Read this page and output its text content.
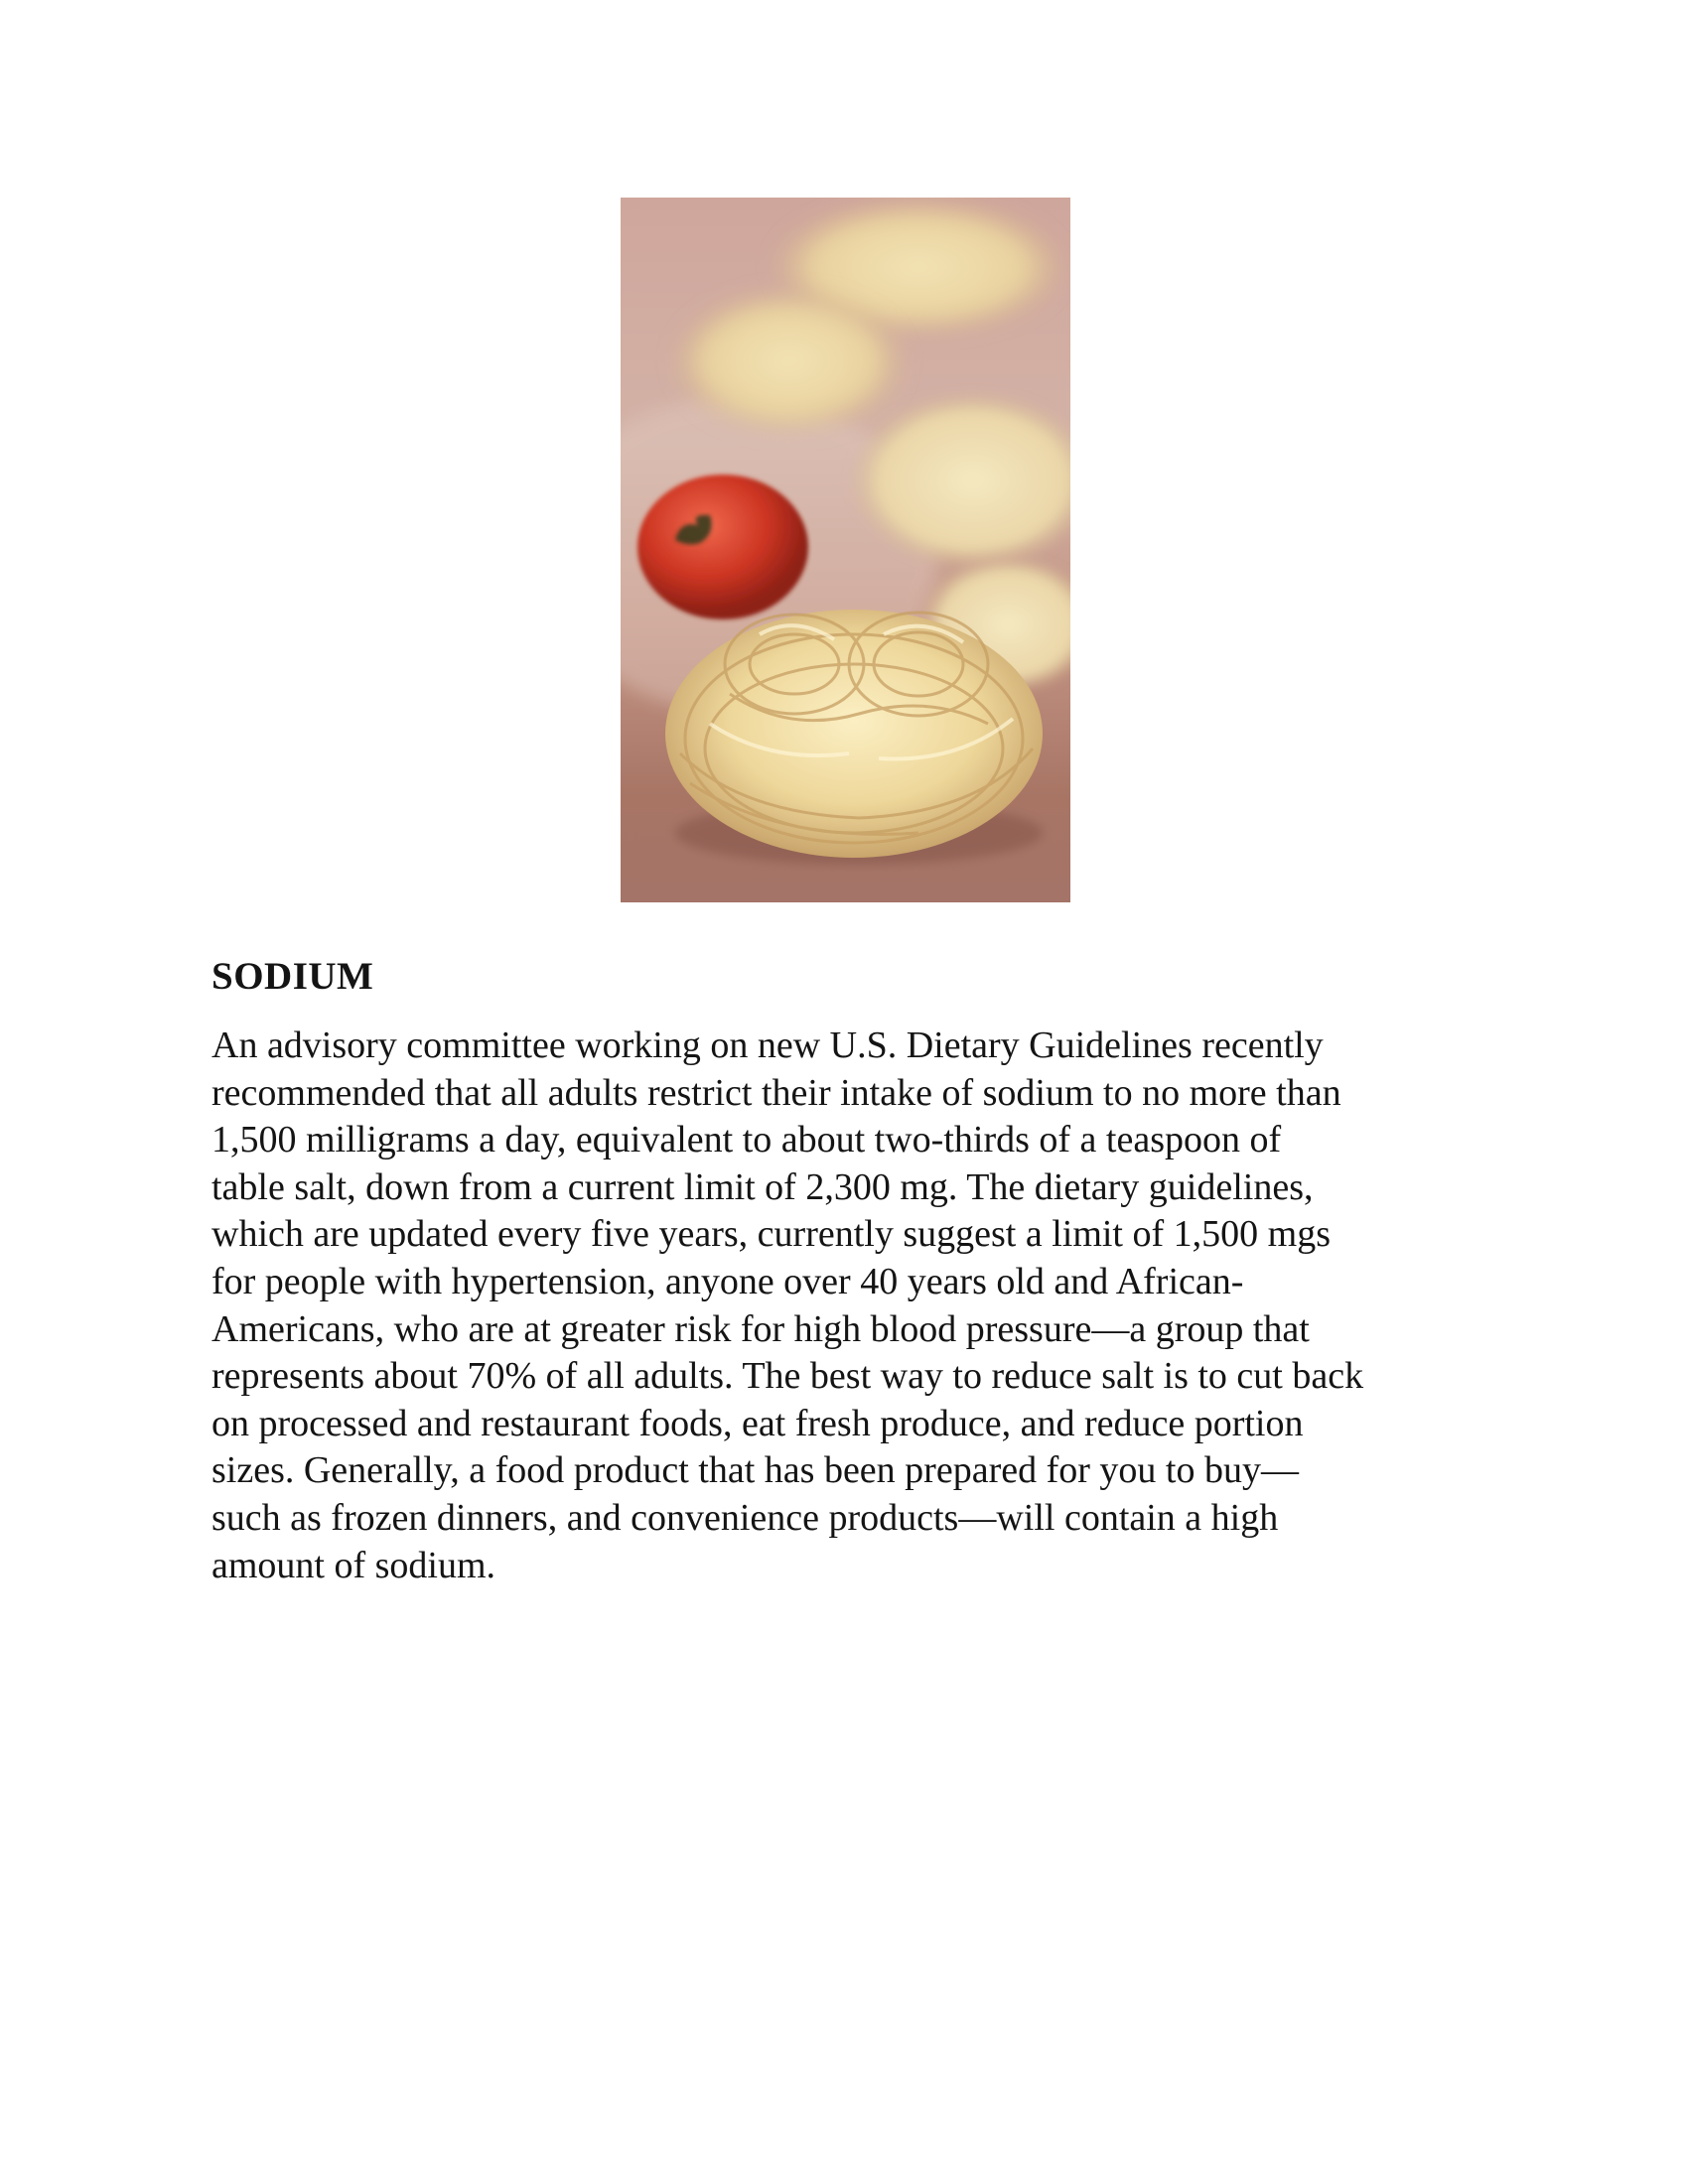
SODIUM

An advisory committee working on new U.S. Dietary Guidelines recently
recommended that all adults restrict their intake of sodium to no more than
1,500 milligrams a day, equivalent to about two-thirds of a teaspoon of
table salt, down from a current limit of 2,300 mg. The dietary guidelines,
which are updated every five years, currently suggest a limit of 1,500 mgs
for people with hypertension, anyone over 40 years old and African-
Americans, who are at greater risk for high blood pressure—a group that
represents about 70% of all adults. The best way to reduce salt is to cut back
on processed and restaurant foods, eat fresh produce, and reduce portion
sizes. Generally, a food product that has been prepared for you to buy—
such as frozen dinners, and convenience products—will contain a high
amount of sodium.
